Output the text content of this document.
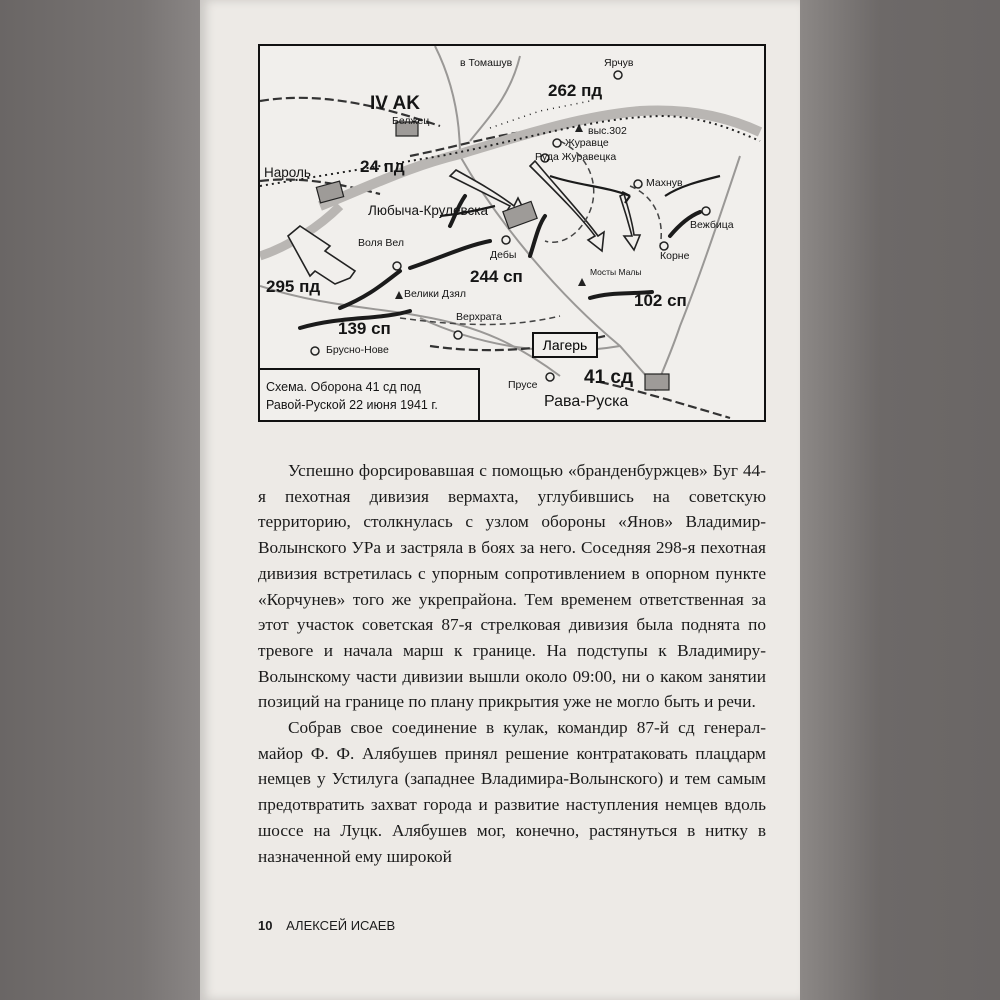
в Томашув	Ярчув
262 пд
IV AK
Белжец
выс.302
Журавце
Руда Журавецка
Нароль	24 пд
Махнув
Любыча-Крулевска
Вежбица
Воля Вел
Дебы	Корне
244 сп	Мосты Малы
295 пд	Велики Дзял	102 сп
Верхрата
139 сп
Брусно-Нове
Прусе 41 сд
Рава-Руска
Лагерь
Схема. Оборона 41 сд под
Равой-Руской 22 июня 1941 г.

Успешно форсировавшая с помощью «бранденбуржцев» Буг 44-я пехотная дивизия вермахта, углубившись на советскую территорию, столкнулась с узлом обороны «Янов» Владимир-Волынского УРа и застряла в боях за него. Соседняя 298-я пехотная дивизия встретилась с упорным сопротивлением в опорном пункте «Корчунев» того же укрепрайона. Тем временем ответственная за этот участок советская 87-я стрелковая дивизия была поднята по тревоге и начала марш к границе. На подступы к Владимиру-Волынскому части дивизии вышли около 09:00, ни о каком занятии позиций на границе по плану прикрытия уже не могло быть и речи.

Собрав свое соединение в кулак, командир 87-й сд генерал-майор Ф. Ф. Алябушев принял решение контратаковать плацдарм немцев у Устилуга (западнее Владимира-Волынского) и тем самым предотвратить захват города и развитие наступления немцев вдоль шоссе на Луцк. Алябушев мог, конечно, растянуться в нитку в назначенной ему широкой

10 АЛЕКСЕЙ ИСАЕВ
